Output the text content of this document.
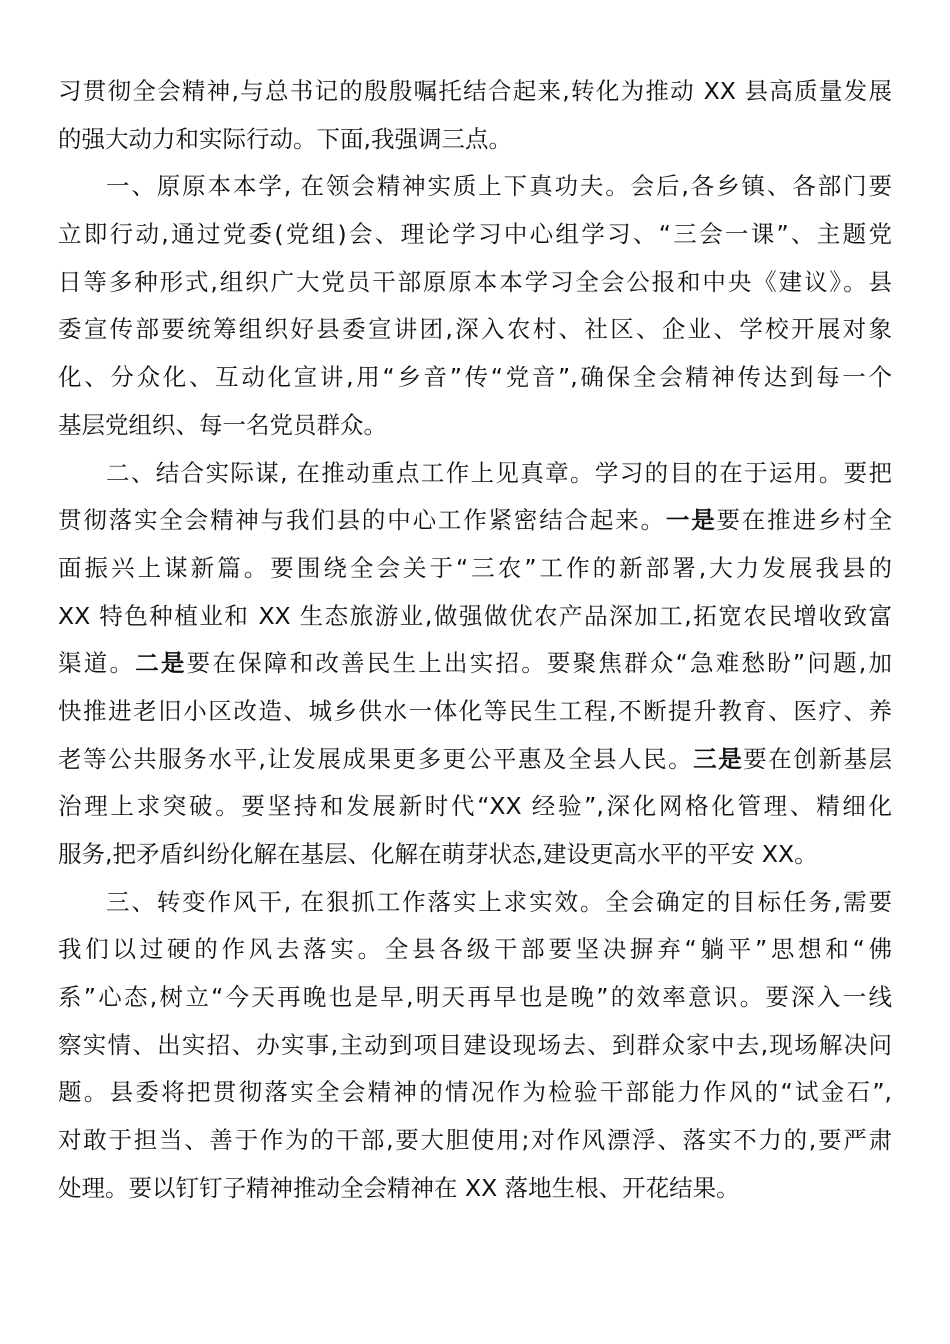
习贯彻全会精神,与总书记的殷殷嘱托结合起来,转化为推动 XX 县高质量发展
的强大动力和实际行动。下面,我强调三点。
一、原原本本学, 在领会精神实质上下真功夫。会后,各乡镇、各部门要
立即行动,通过党委(党组)会、理论学习中心组学习、“三会一课”、主题党
日等多种形式,组织广大党员干部原原本本学习全会公报和中央《建议》。县
委宣传部要统筹组织好县委宣讲团,深入农村、社区、企业、学校开展对象
化、分众化、互动化宣讲,用“乡音”传“党音”,确保全会精神传达到每一个
基层党组织、每一名党员群众。
二、结合实际谋, 在推动重点工作上见真章。学习的目的在于运用。要把
贯彻落实全会精神与我们县的中心工作紧密结合起来。一是要在推进乡村全
面振兴上谋新篇。要围绕全会关于“三农”工作的新部署,大力发展我县的
XX 特色种植业和 XX 生态旅游业,做强做优农产品深加工,拓宽农民增收致富
渠道。二是要在保障和改善民生上出实招。要聚焦群众“急难愁盼”问题,加
快推进老旧小区改造、城乡供水一体化等民生工程,不断提升教育、医疗、养
老等公共服务水平,让发展成果更多更公平惠及全县人民。三是要在创新基层
治理上求突破。要坚持和发展新时代“XX 经验”,深化网格化管理、精细化
服务,把矛盾纠纷化解在基层、化解在萌芽状态,建设更高水平的平安 XX。
三、转变作风干, 在狠抓工作落实上求实效。全会确定的目标任务,需要
我们以过硬的作风去落实。全县各级干部要坚决摒弃“躺平”思想和“佛
系”心态,树立“今天再晚也是早,明天再早也是晚”的效率意识。要深入一线
察实情、出实招、办实事,主动到项目建设现场去、到群众家中去,现场解决问
题。县委将把贯彻落实全会精神的情况作为检验干部能力作风的“试金石”,
对敢于担当、善于作为的干部,要大胆使用;对作风漂浮、落实不力的,要严肃
处理。要以钉钉子精神推动全会精神在 XX 落地生根、开花结果。
